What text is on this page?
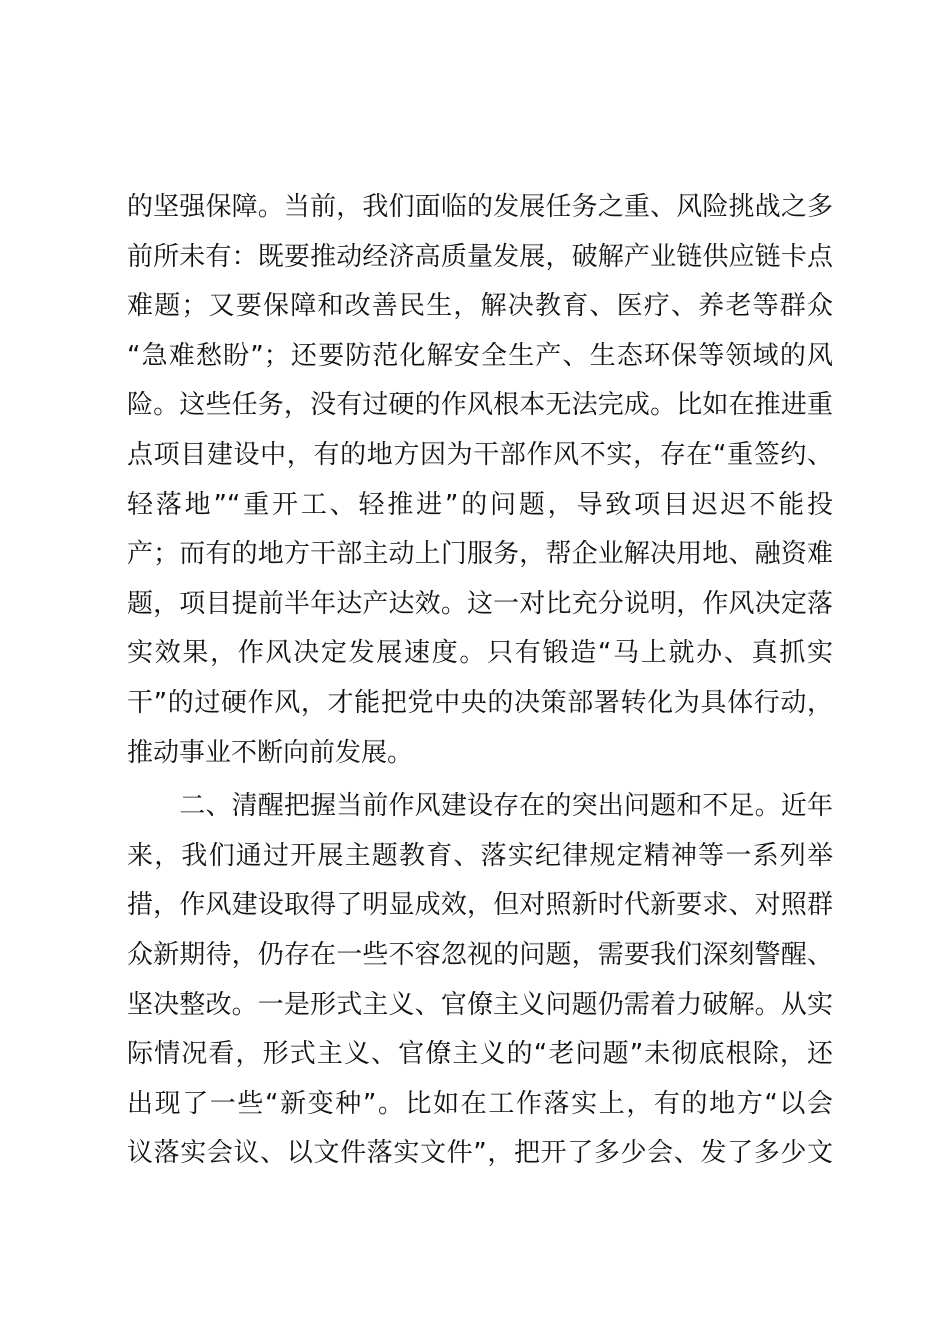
的坚强保障。当前，我们面临的发展任务之重、风险挑战之多
前所未有：既要推动经济高质量发展，破解产业链供应链卡点
难题；又要保障和改善民生，解决教育、医疗、养老等群众
“急难愁盼”；还要防范化解安全生产、生态环保等领域的风
险。这些任务，没有过硬的作风根本无法完成。比如在推进重
点项目建设中，有的地方因为干部作风不实，存在“重签约、
轻落地”“重开工、轻推进”的问题，导致项目迟迟不能投
产；而有的地方干部主动上门服务，帮企业解决用地、融资难
题，项目提前半年达产达效。这一对比充分说明，作风决定落
实效果，作风决定发展速度。只有锻造“马上就办、真抓实
干”的过硬作风，才能把党中央的决策部署转化为具体行动，
推动事业不断向前发展。
　　二、清醒把握当前作风建设存在的突出问题和不足。近年
来，我们通过开展主题教育、落实纪律规定精神等一系列举
措，作风建设取得了明显成效，但对照新时代新要求、对照群
众新期待，仍存在一些不容忽视的问题，需要我们深刻警醒、
坚决整改。一是形式主义、官僚主义问题仍需着力破解。从实
际情况看，形式主义、官僚主义的“老问题”未彻底根除，还
出现了一些“新变种”。比如在工作落实上，有的地方“以会
议落实会议、以文件落实文件”，把开了多少会、发了多少文
